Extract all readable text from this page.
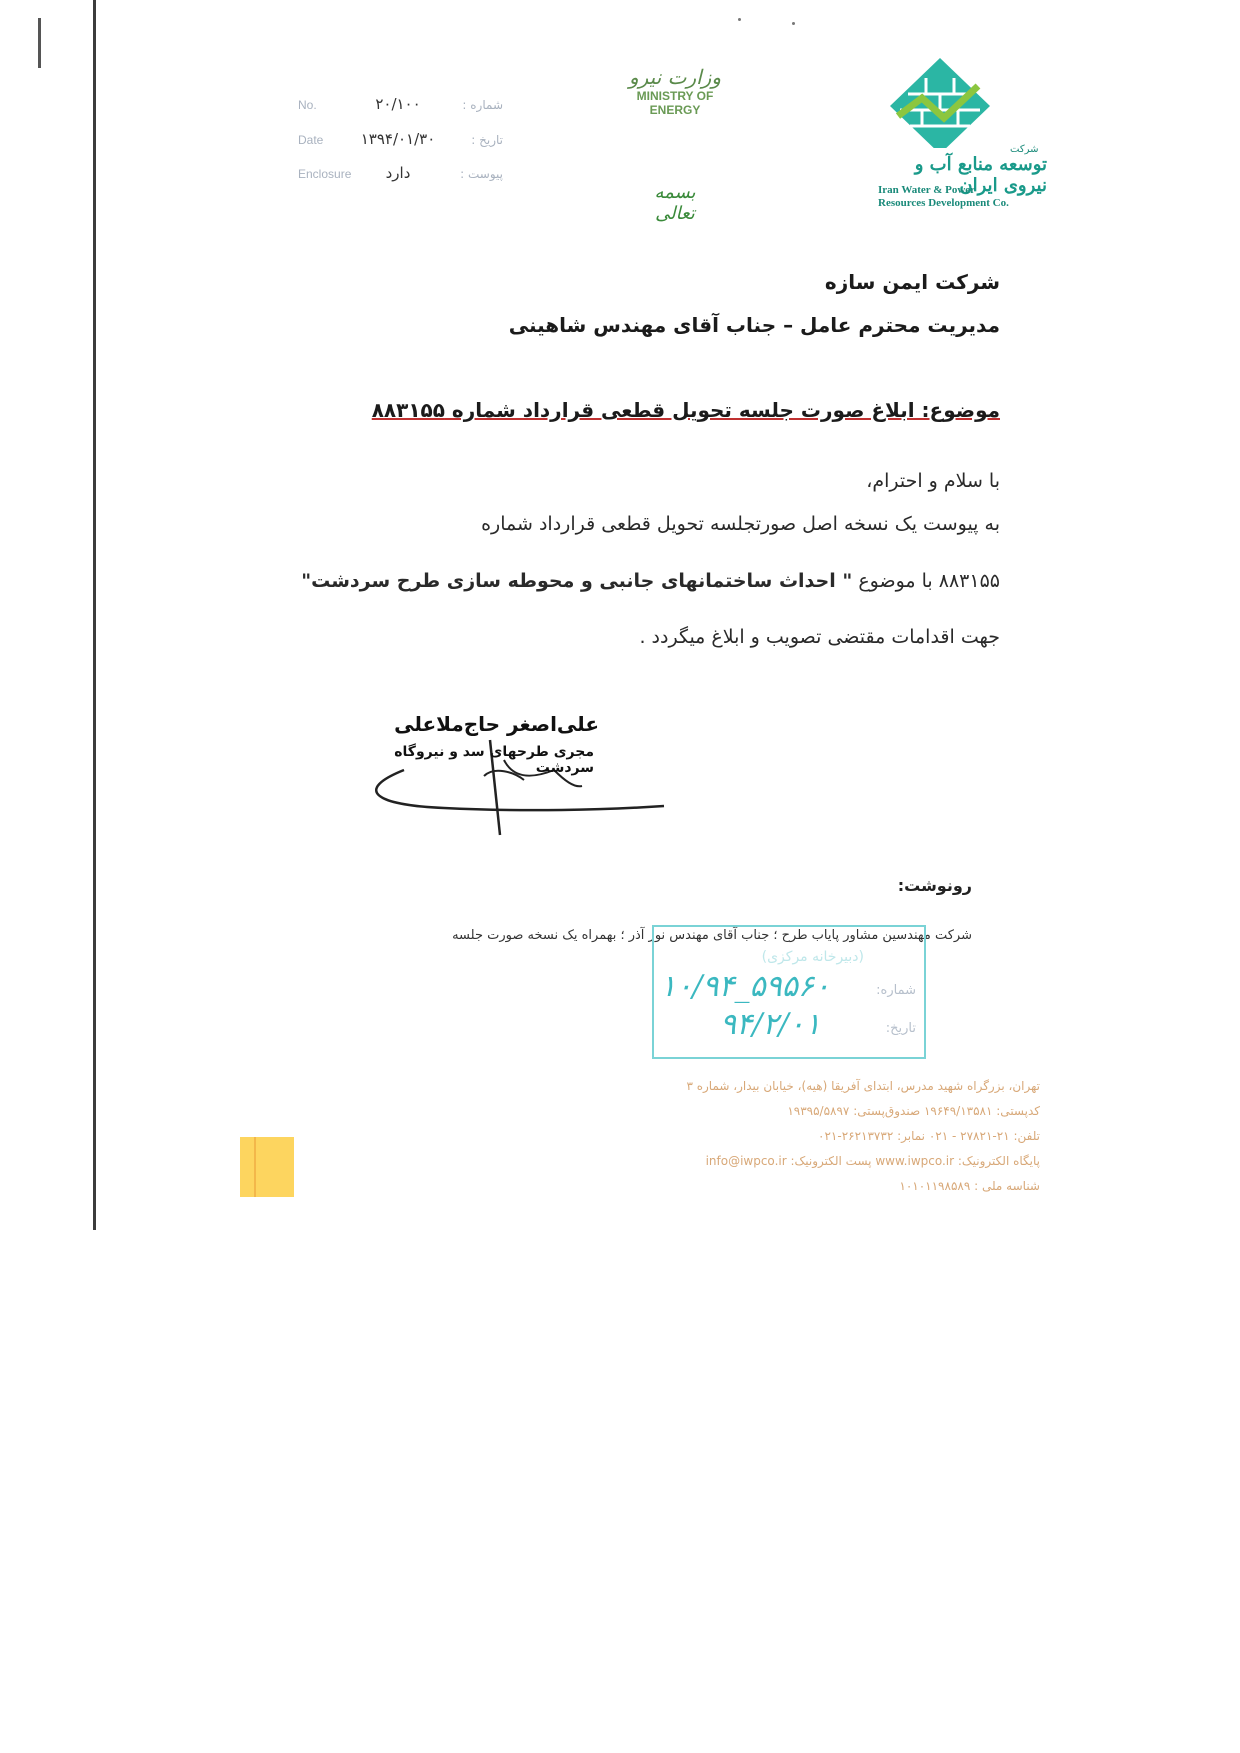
No.	۲۰/۱۰۰	شماره :
Date	۱۳۹۴/۰۱/۳۰	تاریخ :
Enclosure	دارد	پیوست :
وزارت نیرو
MINISTRY OF
ENERGY
بسمه تعالی
شرکت
توسعه منابع آب و نیروی ایران
Iran Water & Power
Resources Development Co.
شرکت ایمن سازه
مدیریت محترم عامل – جناب آقای مهندس شاهینی
موضوع: ابلاغ صورت جلسه تحویل قطعی قرارداد شماره ۸۸۳۱۵۵
با سلام و احترام،
به پیوست یک نسخه اصل صورتجلسه تحویل قطعی قرارداد شماره
۸۸۳۱۵۵ با موضوع " احداث ساختمانهای جانبی و محوطه سازی طرح سردشت"
جهت اقدامات مقتضی تصویب و ابلاغ میگردد .
علی‌اصغر حاج‌ملاعلی
مجری طرحهای سد و نیروگاه سردشت
رونوشت:
شرکت مهندسین مشاور پایاب طرح ؛ جناب آقای مهندس نور آذر ؛ بهمراه یک نسخه صورت جلسه
(دبیرخانه مرکزی)
شماره:
۱۰/۹۴_۵۹۵۶۰
تاریخ:
۹۴/۲/۰۱
تهران، بزرگراه شهید مدرس، ابتدای آفریقا (هیه)، خیابان بیدار، شماره ۳
کدپستی: ۱۹۶۴۹/۱۳۵۸۱ صندوق‌پستی: ۱۹۳۹۵/۵۸۹۷
تلفن: ۲۱-۲۷۸۲۱ - ۰۲۱ نمابر: ۲۶۲۱۳۷۳۲-۰۲۱
پایگاه الکترونیک: www.iwpco.ir پست الکترونیک: info@iwpco.ir
شناسه ملی : ۱۰۱۰۱۱۹۸۵۸۹
